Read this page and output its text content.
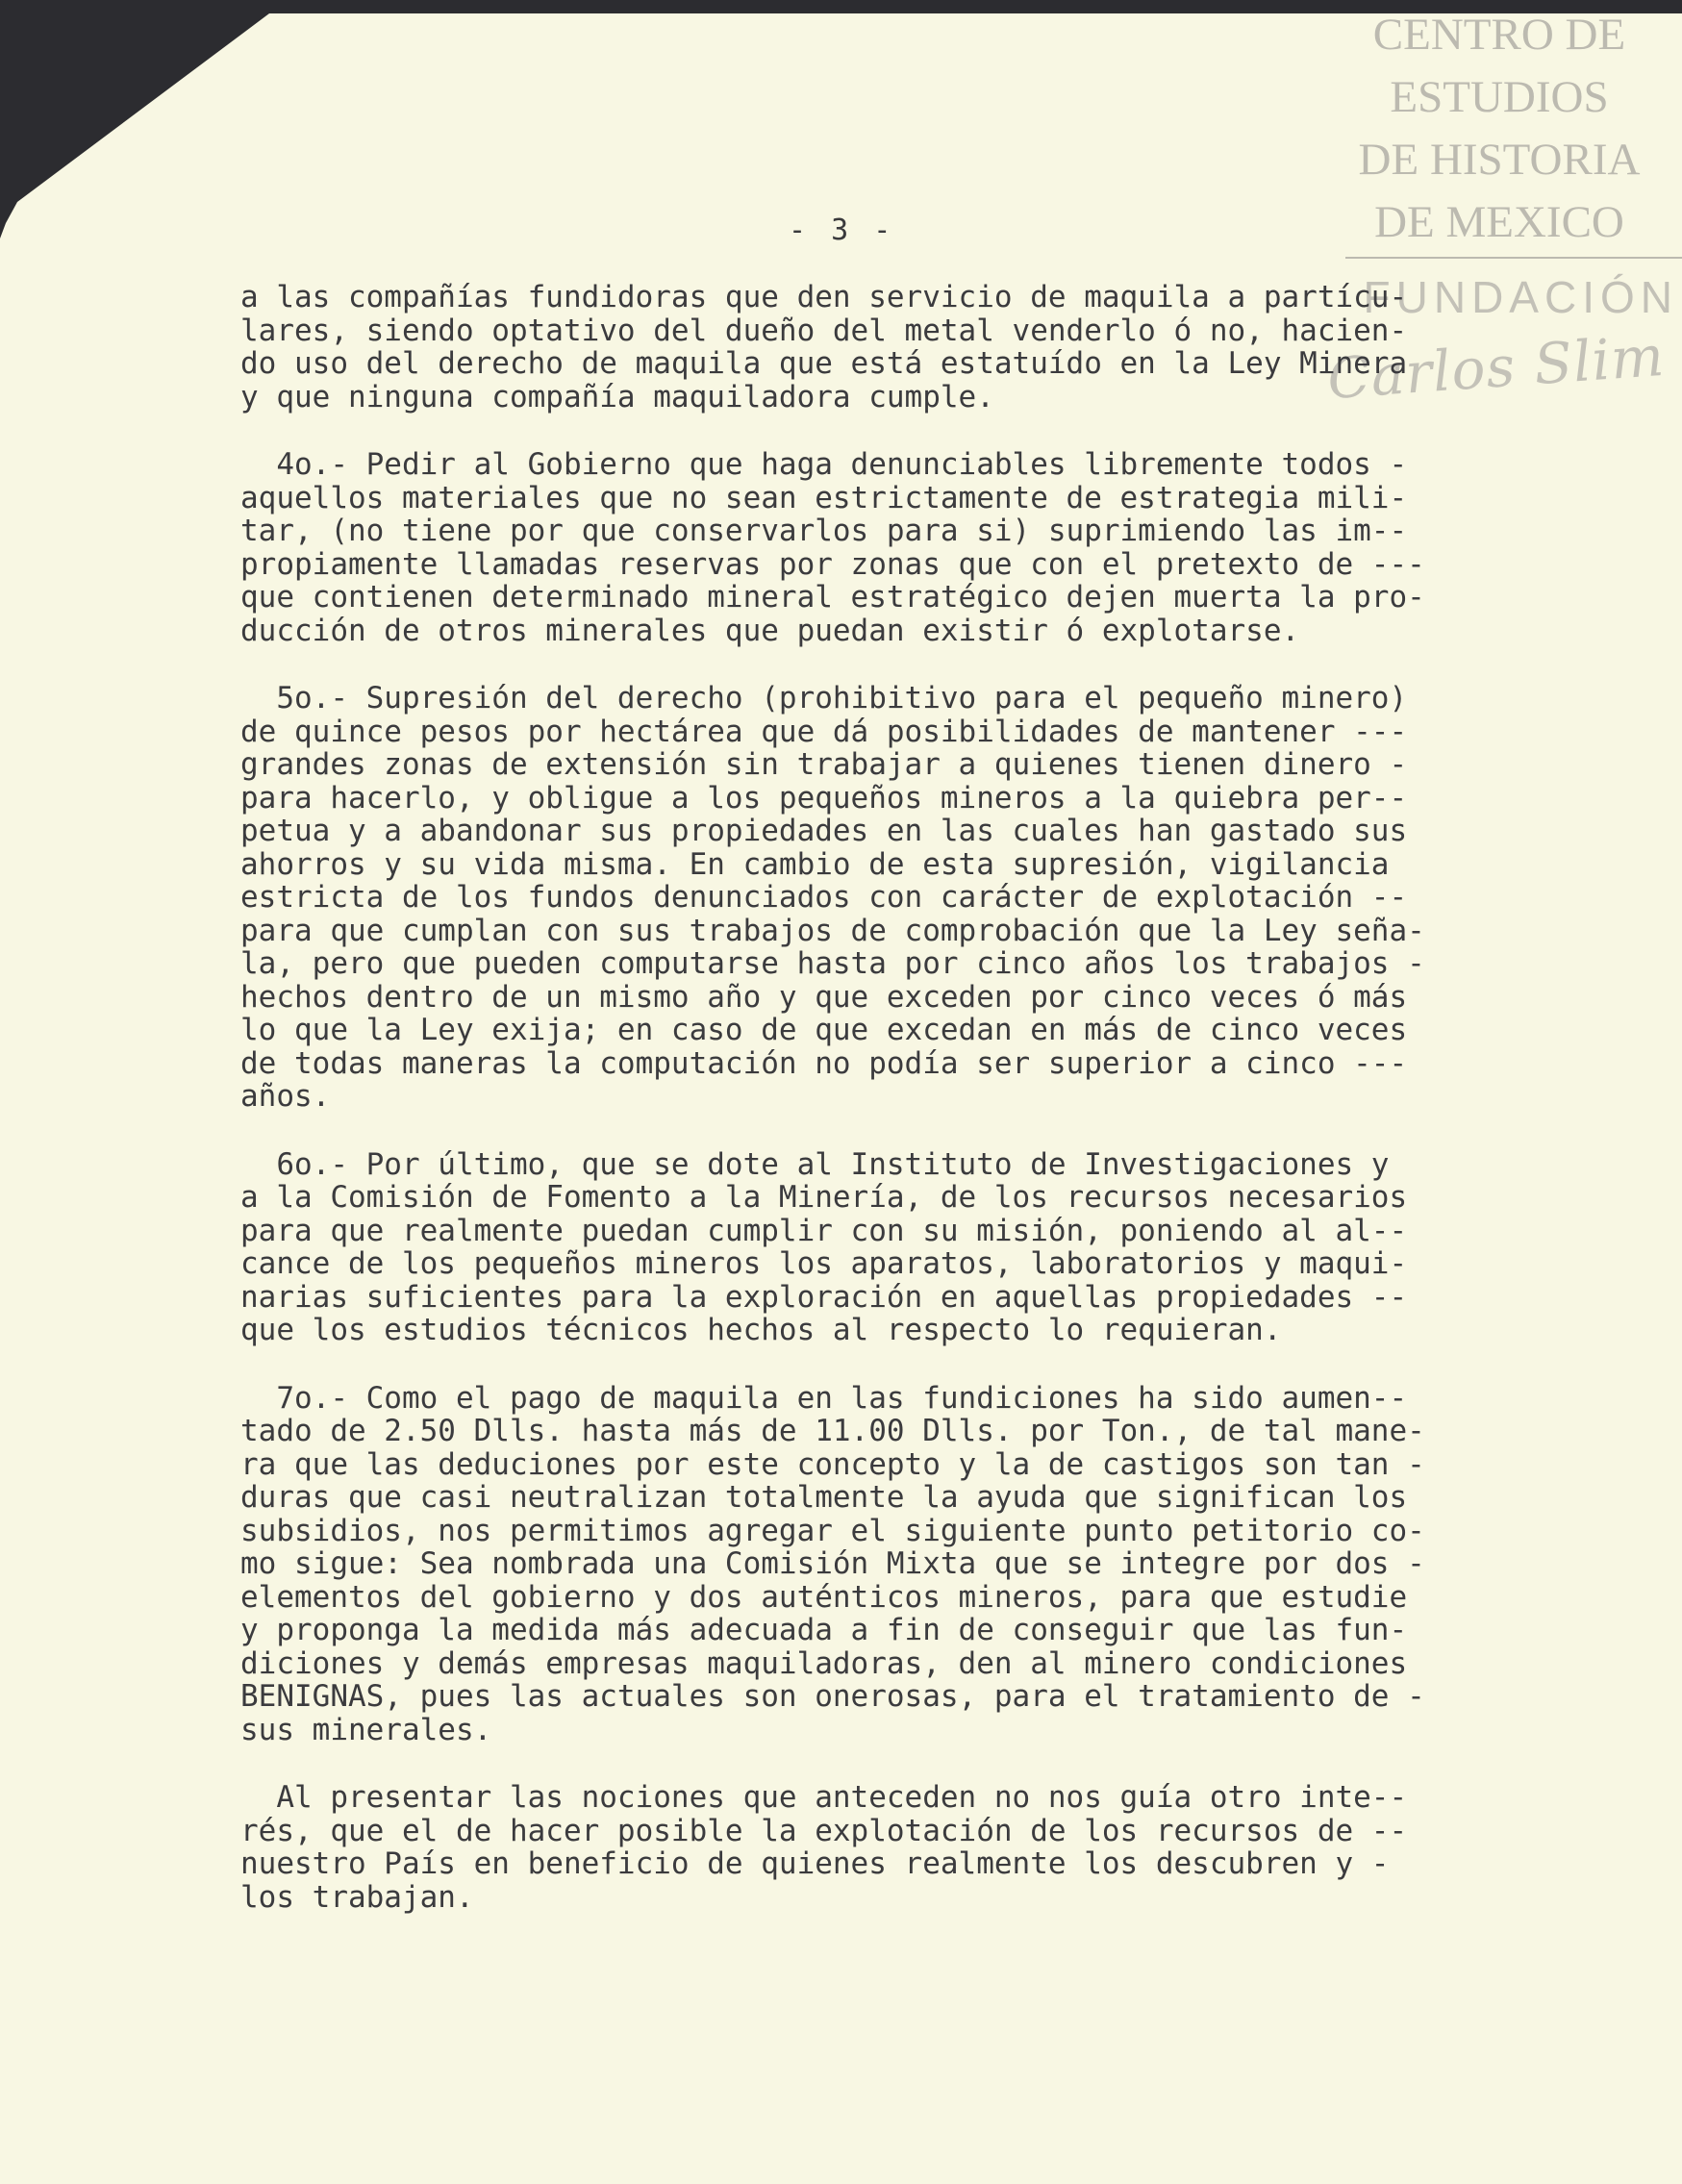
CENTRO DE
ESTUDIOS
DE HISTORIA
DE MEXICO
FUNDACIÓN
Carlos Slim
- 3 -
a las compañías fundidoras que den servicio de maquila a partícu-
lares, siendo optativo del dueño del metal venderlo ó no, hacien-
do uso del derecho de maquila que está estatuído en la Ley Minera
y que ninguna compañía maquiladora cumple.
4o.- Pedir al Gobierno que haga denunciables libremente todos -
aquellos materiales que no sean estrictamente de estrategia mili-
tar, (no tiene por que conservarlos para si) suprimiendo las im--
propiamente llamadas reservas por zonas que con el pretexto de ---
que contienen determinado mineral estratégico dejen muerta la pro-
ducción de otros minerales que puedan existir ó explotarse.
5o.- Supresión del derecho (prohibitivo para el pequeño minero)
de quince pesos por hectárea que dá posibilidades de mantener ---
grandes zonas de extensión sin trabajar a quienes tienen dinero -
para hacerlo, y obligue a los pequeños mineros a la quiebra per--
petua y a abandonar sus propiedades en las cuales han gastado sus
ahorros y su vida misma. En cambio de esta supresión, vigilancia
estricta de los fundos denunciados con carácter de explotación --
para que cumplan con sus trabajos de comprobación que la Ley seña-
la, pero que pueden computarse hasta por cinco años los trabajos -
hechos dentro de un mismo año y que exceden por cinco veces ó más
lo que la Ley exija; en caso de que excedan en más de cinco veces
de todas maneras la computación no podía ser superior a cinco ---
años.
6o.- Por último, que se dote al Instituto de Investigaciones y
a la Comisión de Fomento a la Minería, de los recursos necesarios
para que realmente puedan cumplir con su misión, poniendo al al--
cance de los pequeños mineros los aparatos, laboratorios y maqui-
narias suficientes para la exploración en aquellas propiedades --
que los estudios técnicos hechos al respecto lo requieran.
7o.- Como el pago de maquila en las fundiciones ha sido aumen--
tado de 2.50 Dlls. hasta más de 11.00 Dlls. por Ton., de tal mane-
ra que las deduciones por este concepto y la de castigos son tan -
duras que casi neutralizan totalmente la ayuda que significan los
subsidios, nos permitimos agregar el siguiente punto petitorio co-
mo sigue: Sea nombrada una Comisión Mixta que se integre por dos -
elementos del gobierno y dos auténticos mineros, para que estudie
y proponga la medida más adecuada a fin de conseguir que las fun-
diciones y demás empresas maquiladoras, den al minero condiciones
BENIGNAS, pues las actuales son onerosas, para el tratamiento de -
sus minerales.
Al presentar las nociones que anteceden no nos guía otro inte--
rés, que el de hacer posible la explotación de los recursos de --
nuestro País en beneficio de quienes realmente los descubren y -
los trabajan.
